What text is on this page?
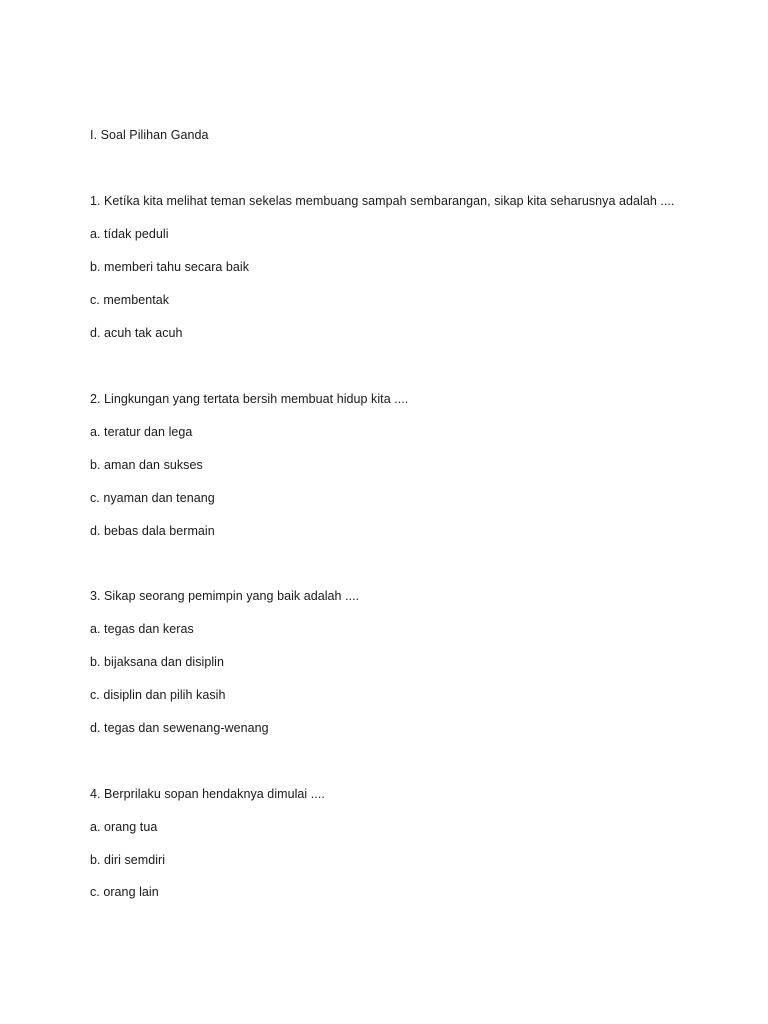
I. Soal Pilihan Ganda
1. Ketíka kita melihat teman sekelas membuang sampah sembarangan, sikap kita seharusnya adalah ....
a. tídak peduli
b. memberi tahu secara baik
c. membentak
d. acuh tak acuh
2. Lingkungan yang tertata bersih membuat hidup kita ....
a. teratur dan lega
b. aman dan sukses
c. nyaman dan tenang
d. bebas dala bermain
3. Sikap seorang pemimpin yang baik adalah ....
a. tegas dan keras
b. bijaksana dan disiplin
c. disiplin dan pilih kasih
d. tegas dan sewenang-wenang
4. Berprilaku sopan hendaknya dimulai ....
a. orang tua
b. diri semdiri
c. orang lain
